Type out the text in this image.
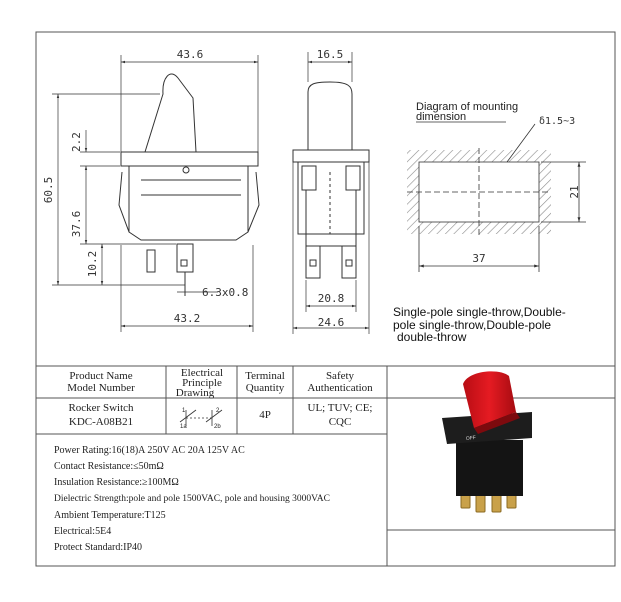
43.6
43.2
60.5
2.2
37.6
10.2
6.3x0.8
16.5
20.8
24.6
37
21
δ1.5~3
Diagram of mounting
dimension
Single-pole single-throw,Double-
pole single-throw,Double-pole
double-throw
Product Name
Model Number
Electrical
Principle
Drawing
Terminal
Quantity
Safety
Authentication
Rocker Switch
KDC-A08B21
4P
UL; TUV; CE;
CQC
1	2
1a	2b
Power Rating:16(18)A 250V AC 20A 125V AC
Contact Resistance:≤50mΩ
Insulation Resistance:≥100MΩ
Dielectric Strength:pole and pole 1500VAC, pole and housing 3000VAC
Ambient Temperature:T125
Electrical:5E4
Protect Standard:IP40
OFF
